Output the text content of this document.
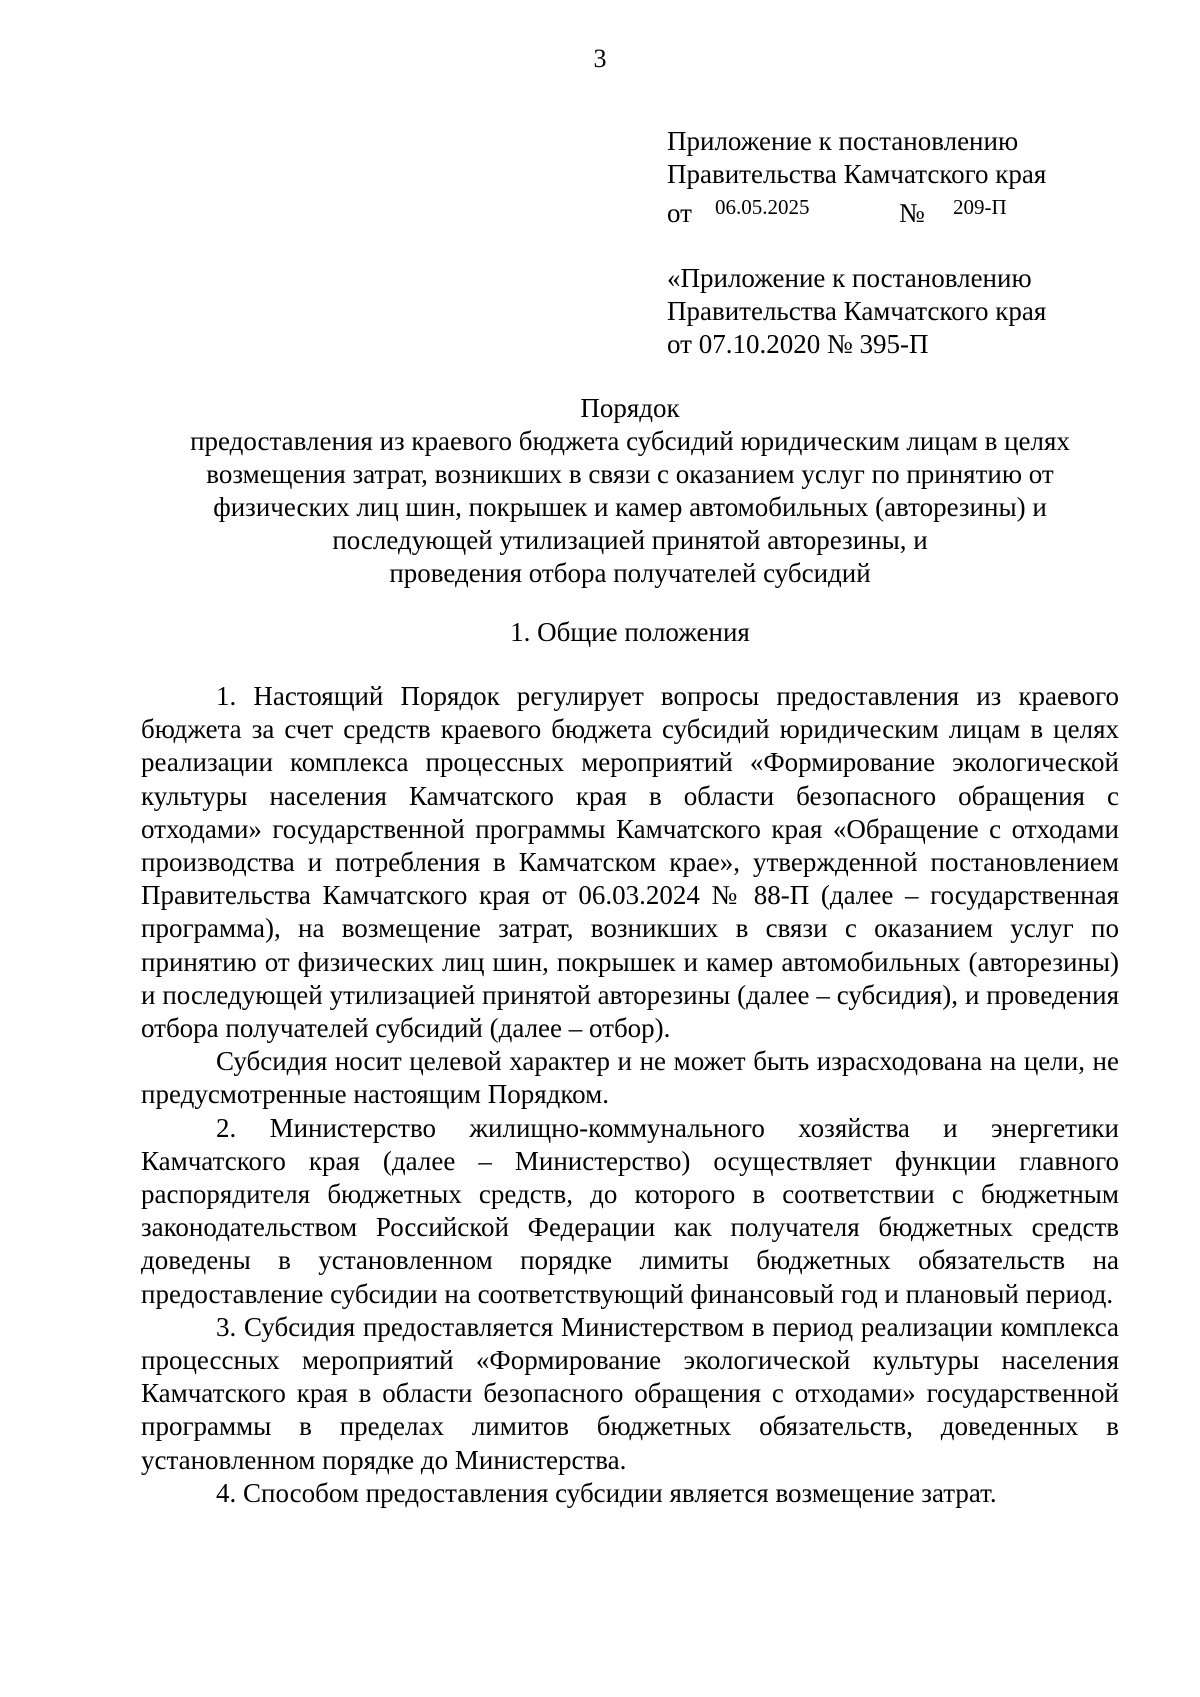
3
Приложение к постановлению
Правительства Камчатского края
от 06.05.2025	№ 209-П
«Приложение к постановлению
Правительства Камчатского края
от 07.10.2020 № 395-П
Порядок
предоставления из краевого бюджета субсидий юридическим лицам в целях
возмещения затрат, возникших в связи с оказанием услуг по принятию от
физических лиц шин, покрышек и камер автомобильных (авторезины) и
последующей утилизацией принятой авторезины, и
проведения отбора получателей субсидий
1. Общие положения

1. Настоящий Порядок регулирует вопросы предоставления из краевого бюджета за счет средств краевого бюджета субсидий юридическим лицам в целях реализации комплекса процессных мероприятий «Формирование экологической культуры населения Камчатского края в области безопасного обращения с отходами» государственной программы Камчатского края «Обращение с отходами производства и потребления в Камчатском крае», утвержденной постановлением Правительства Камчатского края от 06.03.2024 № 88-П (далее – государственная программа), на возмещение затрат, возникших в связи с оказанием услуг по принятию от физических лиц шин, покрышек и камер автомобильных (авторезины) и последующей утилизацией принятой авторезины (далее – субсидия), и проведения отбора получателей субсидий (далее – отбор).

Субсидия носит целевой характер и не может быть израсходована на цели, не предусмотренные настоящим Порядком.

2. Министерство жилищно-коммунального хозяйства и энергетики Камчатского края (далее – Министерство) осуществляет функции главного распорядителя бюджетных средств, до которого в соответствии с бюджетным законодательством Российской Федерации как получателя бюджетных средств доведены в установленном порядке лимиты бюджетных обязательств на предоставление субсидии на соответствующий финансовый год и плановый период.

3. Субсидия предоставляется Министерством в период реализации комплекса процессных мероприятий «Формирование экологической культуры населения Камчатского края в области безопасного обращения с отходами» государственной программы в пределах лимитов бюджетных обязательств, доведенных в установленном порядке до Министерства.

4. Способом предоставления субсидии является возмещение затрат.
